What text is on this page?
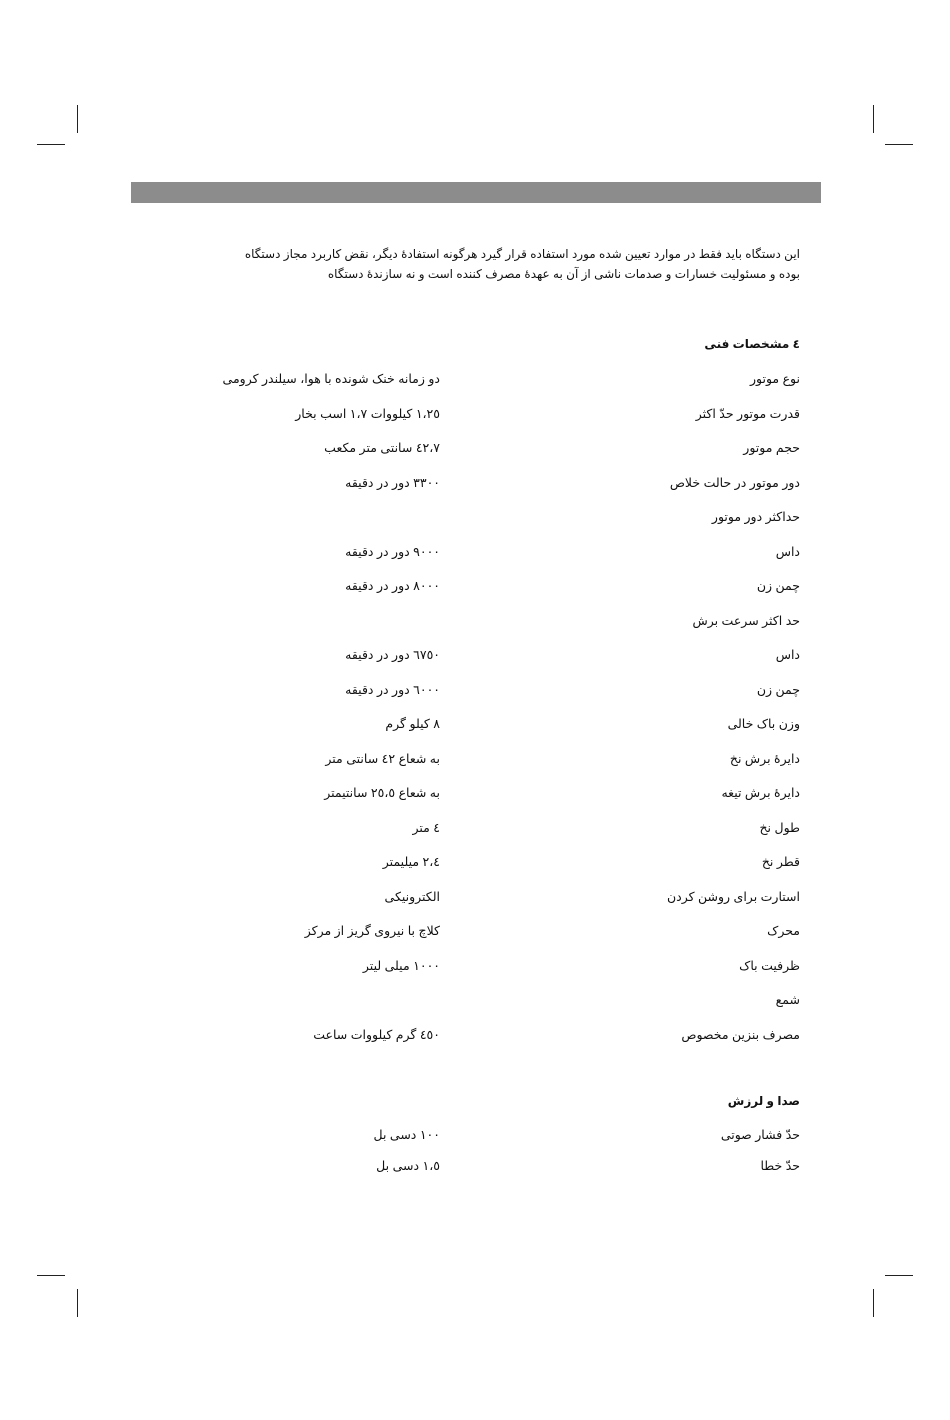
این دستگاه باید فقط در موارد تعیین شده مورد استفاده قرار گیرد هرگونه استفادهٔ دیگر، نقض کاربرد مجاز دستگاه

بوده و مسئولیت خسارات و صدمات ناشی از آن به عهدهٔ مصرف کننده است و نه سازندهٔ دستگاه

٤ مشخصات فنی
نوع موتور
دو زمانه خنک شونده با هوا، سیلندر کرومی
قدرت موتور حدّ اکثر
١،٢٥ کیلووات ١،٧ اسب بخار
حجم موتور
٤٢،٧ سانتی متر مکعب
دور موتور در حالت خلاص
٣٣٠٠ دور در دقیقه
حداکثر دور موتور
داس
٩٠٠٠ دور در دقیقه
چمن زن
٨٠٠٠ دور در دقیقه
حد اکثر سرعت برش
داس
٦٧٥٠ دور در دقیقه
چمن زن
٦٠٠٠ دور در دقیقه
وزن باک خالی
٨ کیلو گرم
دایرهٔ برش نخ
به شعاع ٤٢ سانتی متر
دایرهٔ برش تیغه
به شعاع ٢٥،٥ سانتیمتر
طول نخ
٤ متر
قطر نخ
٢،٤ میلیمتر
استارت برای روشن کردن
الکترونیکی
محرک
کلاچ با نیروی گریز از مرکز
ظرفیت باک
١٠٠٠ میلی لیتر
شمع
مصرف بنزین مخصوص
٤٥٠ گرم کیلووات ساعت
صدا و لرزش
حدّ فشار صوتی
١٠٠ دسی بل
حدّ خطا
١،٥ دسی بل
